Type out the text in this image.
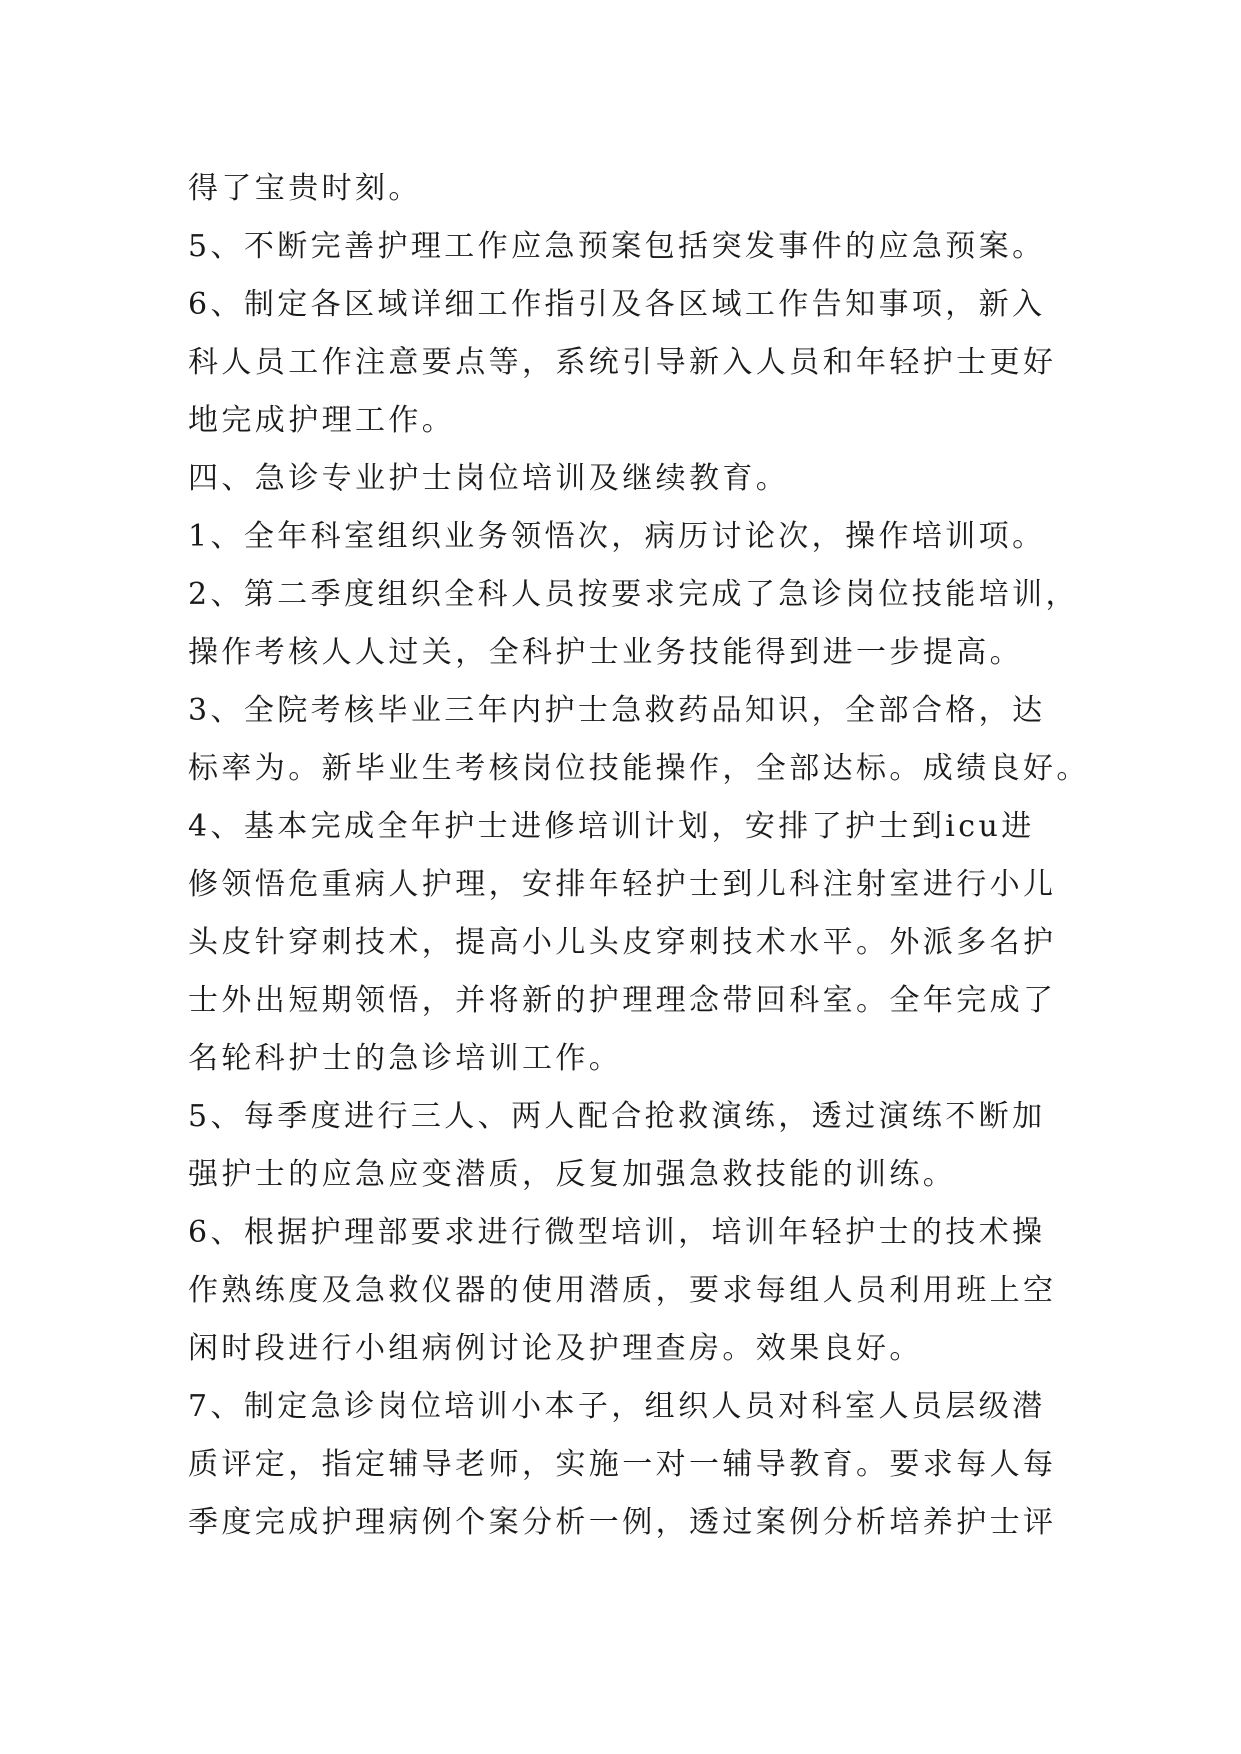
得了宝贵时刻。
5、不断完善护理工作应急预案包括突发事件的应急预案。
6、制定各区域详细工作指引及各区域工作告知事项，新入
科人员工作注意要点等，系统引导新入人员和年轻护士更好
地完成护理工作。
四、急诊专业护士岗位培训及继续教育。
1、全年科室组织业务领悟次，病历讨论次，操作培训项。
2、第二季度组织全科人员按要求完成了急诊岗位技能培训，
操作考核人人过关，全科护士业务技能得到进一步提高。
3、全院考核毕业三年内护士急救药品知识，全部合格，达
标率为。新毕业生考核岗位技能操作，全部达标。成绩良好。
4、基本完成全年护士进修培训计划，安排了护士到icu进
修领悟危重病人护理，安排年轻护士到儿科注射室进行小儿
头皮针穿刺技术，提高小儿头皮穿刺技术水平。外派多名护
士外出短期领悟，并将新的护理理念带回科室。全年完成了
名轮科护士的急诊培训工作。
5、每季度进行三人、两人配合抢救演练，透过演练不断加
强护士的应急应变潜质，反复加强急救技能的训练。
6、根据护理部要求进行微型培训，培训年轻护士的技术操
作熟练度及急救仪器的使用潜质，要求每组人员利用班上空
闲时段进行小组病例讨论及护理查房。效果良好。
7、制定急诊岗位培训小本子，组织人员对科室人员层级潜
质评定，指定辅导老师，实施一对一辅导教育。要求每人每
季度完成护理病例个案分析一例，透过案例分析培养护士评
